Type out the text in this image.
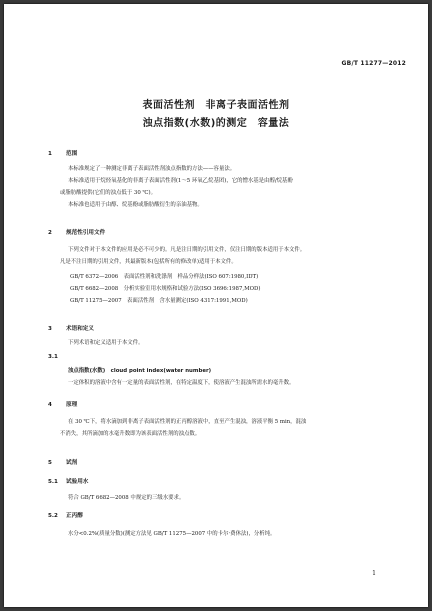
GB/T 11277—2012
表面活性剂　非离子表面活性剂
浊点指数(水数)的测定　容量法
1	范围
本标准规定了一种测定非离子表面活性剂浊点指数的方法——容量法。
本标准适用于烷烃氧基化的非离子表面活性剂(1～5 环氧乙烷基团)，它的憎水基是由醇/烷基酚
或脂肪酸提供(它们的浊点低于 30 ℃)。
本标准也适用于由醇、烷基酚或脂肪酸衍生的亲油基物。
2	规范性引用文件
下列文件对于本文件的应用是必不可少的。凡是注日期的引用文件，仅注日期的版本适用于本文件。
凡是不注日期的引用文件，其最新版本(包括所有的修改单)适用于本文件。
GB/T 6372—2006　表面活性剂和洗涤剂　样品分样法(ISO 607:1980,IDT)
GB/T 6682—2008　分析实验室用水规格和试验方法(ISO 3696:1987,MOD)
GB/T 11275—2007　表面活性剂　含水量测定(ISO 4317:1991,MOD)
3	术语和定义
下列术语和定义适用于本文件。
3.1
浊点指数(水数)　cloud point index(water number)
一定体积的溶液中含有一定量的表面活性剂，在特定温度下，使溶液产生混浊所需水的毫升数。
4	原理
在 30 ℃下，将水滴加到非离子表面活性剂的正丙醇溶液中，直至产生混浊，溶液平衡 5 min，混浊
不消失，其所滴加的水毫升数即为该表面活性剂的浊点数。
5	试剂
5.1 试验用水
符合 GB/T 6682—2008 中规定的三级水要求。
5.2 正丙醇
水分<0.2%(质量分数)(测定方法见 GB/T 11275—2007 中的卡尔·费休法)，分析纯。
1
